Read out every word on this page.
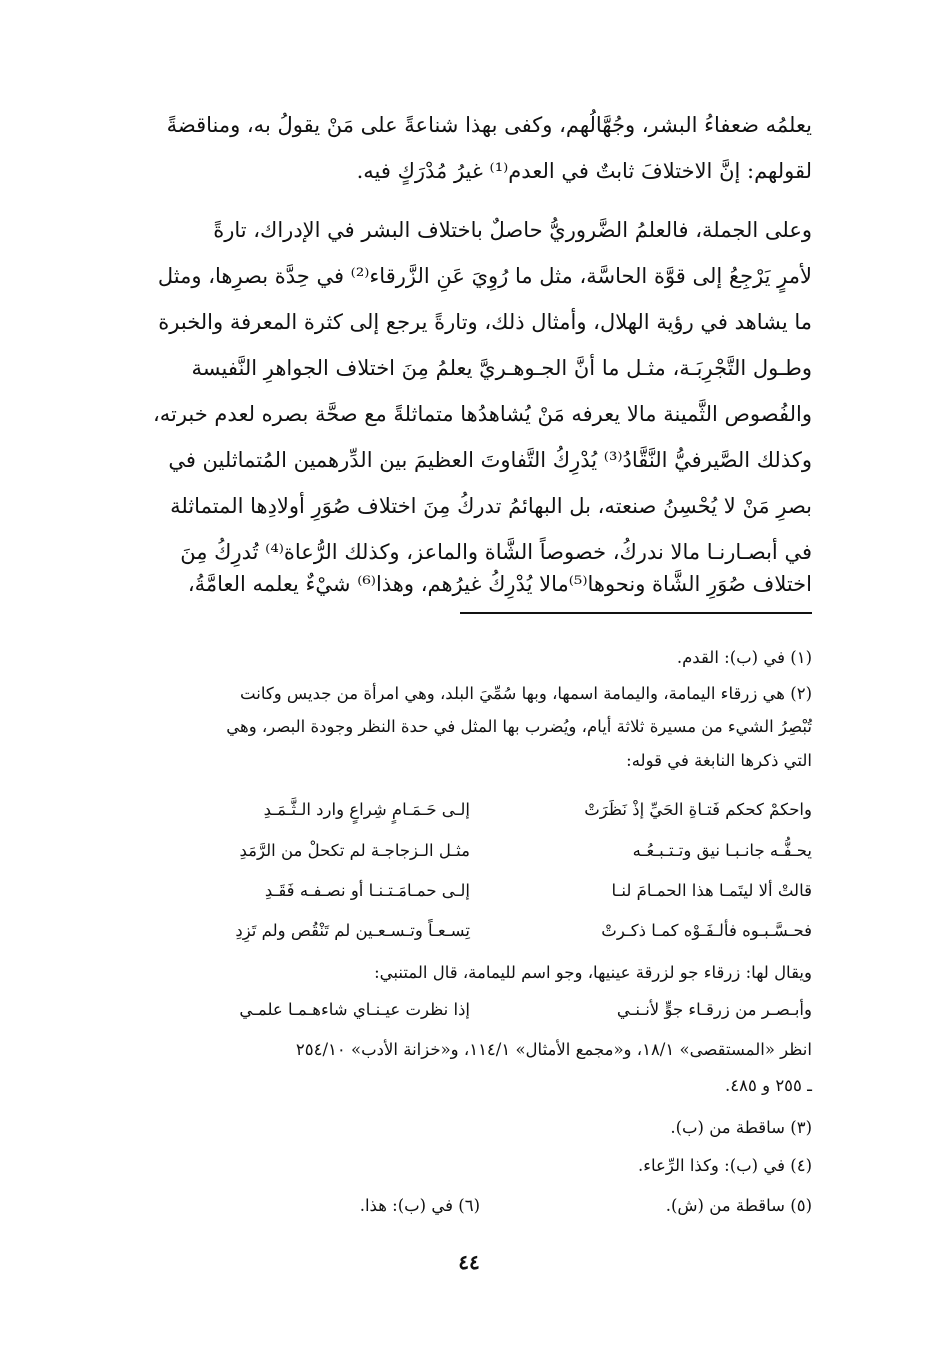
يعلمُه ضعفاءُ البشر، وجُهَّالُهم، وكفى بهذا شناعةً على مَنْ يقولُ به، ومناقضةً
لقولهم: إنَّ الاختلافَ ثابتٌ في العدم⁽¹⁾ غيرُ مُدْرَكٍ فيه.
وعلى الجملة، فالعلمُ الضَّروريُّ حاصلٌ باختلاف البشر في الإدراك، تارةً
لأمرٍ يَرْجِعُ إلى قوَّة الحاسَّة، مثل ما رُوِيَ عَنِ الزَّرقاء⁽²⁾ في حِدَّة بصرِها، ومثل
ما يشاهد في رؤية الهلال، وأمثال ذلك، وتارةً يرجع إلى كثرة المعرفة والخبرة
وطـول التَّجْرِبَـة، مثـل ما أنَّ الجـوهـريَّ يعلمُ مِنَ اختلاف الجواهرِ النَّفيسة
والفُصوص الثَّمينة مالا يعرفه مَنْ يُشاهدُها متماثلةً مع صحَّة بصره لعدم خبرته،
وكذلك الصَّيرفيُّ النَّقَّادُ⁽³⁾ يُدْرِكُ التَّفاوتَ العظيمَ بين الدِّرهمين المُتماثلين في
بصرِ مَنْ لا يُحْسِنُ صنعته، بل البهائمُ تدركُ مِنَ اختلاف صُوَرِ أولادِها المتماثلة
في أبصـارنـا مالا ندركُ، خصوصاً الشَّاة والماعز، وكذلك الرُّعاة⁽⁴⁾ تُدرِكُ مِنَ
اختلاف صُوَرِ الشَّاة ونحوها⁽⁵⁾مالا يُدْرِكُ غيرُهم، وهذا⁽⁶⁾ شيْءٌ يعلمه العامَّةُ،
(١) في (ب): القدم.
(٢) هي زرقاء اليمامة، واليمامة اسمها، وبها سُمِّيَ البلد، وهي امرأة من جديس وكانت
تُبْصِرُ الشيء من مسيرة ثلاثة أيام، ويُضرب بها المثل في حدة النظر وجودة البصر، وهي
التي ذكرها النابغة في قوله:
واحكمْ كحكم فَتـاةِ الحَيِّ إذْ نَظَرَتْ
إلـى حَـمَـامٍ شِراعٍ وارد الـثَّـمَـدِ
يحـفُّـه جانـبـا نيق وتـتـبـعُـه
مثـل الـزجاجـة لم تكحلْ من الرَّمَدِ
قالتْ ألا ليتَمـا هذا الحمـامَ لنـا
إلـى حمـامَـتـنـا أو نصـفـه فَقَـدِ
فحـسَّـبـوه فألـفَـوْه كمـا ذكـرتْ
تِسـعـاً وتـسـعـين لم تَنْقُص ولم تَزِدِ
ويقال لها: زرقاء جو لزرقة عينيها، وجو اسم لليمامة، قال المتنبي:
وأبـصـر من زرقـاء جوٍّ لأنـنـي
إذا نظرت عيـنـاي شاءهـمـا علمـي
انظر «المستقصى» ١٨/١، و«مجمع الأمثال» ١١٤/١، و«خزانة الأدب» ٢٥٤/١٠
ـ ٢٥٥ و ٤٨٥.
(٣) ساقطة من (ب).
(٤) في (ب): وكذا الرِّعاء.
(٥) ساقطة من (ش).
(٦) في (ب): هذا.
٤٤
